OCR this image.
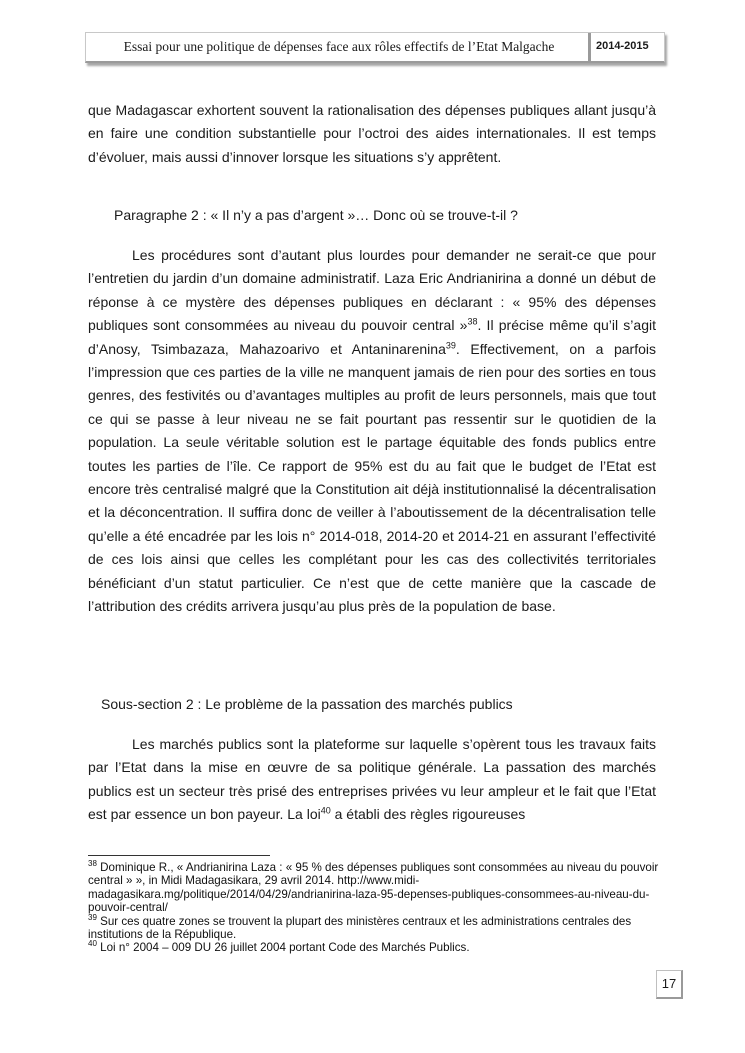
Essai pour une politique de dépenses face aux rôles effectifs de l’Etat Malgache	2014-2015

que Madagascar exhortent souvent la rationalisation des dépenses publiques allant jusqu’à en faire une condition substantielle pour l’octroi des aides internationales. Il est temps d’évoluer, mais aussi d’innover lorsque les situations s’y apprêtent.

Paragraphe 2 : « Il n’y a pas d’argent »… Donc où se trouve-t-il ?

Les procédures sont d’autant plus lourdes pour demander ne serait-ce que pour l’entretien du jardin d’un domaine administratif. Laza Eric Andrianirina a donné un début de réponse à ce mystère des dépenses publiques en déclarant : « 95% des dépenses publiques sont consommées au niveau du pouvoir central »$^{38}$. Il précise même qu’il s’agit d’Anosy, Tsimbazaza, Mahazoarivo et Antaninarenina$^{39}$. Effectivement, on a parfois l’impression que ces parties de la ville ne manquent jamais de rien pour des sorties en tous genres, des festivités ou d’avantages multiples au profit de leurs personnels, mais que tout ce qui se passe à leur niveau ne se fait pourtant pas ressentir sur le quotidien de la population. La seule véritable solution est le partage équitable des fonds publics entre toutes les parties de l’île. Ce rapport de 95% est du au fait que le budget de l’Etat est encore très centralisé malgré que la Constitution ait déjà institutionnalisé la décentralisation et la déconcentration. Il suffira donc de veiller à l’aboutissement de la décentralisation telle qu’elle a été encadrée par les lois n° 2014-018, 2014-20 et 2014-21 en assurant l’effectivité de ces lois ainsi que celles les complétant pour les cas des collectivités territoriales bénéficiant d’un statut particulier. Ce n’est que de cette manière que la cascade de l’attribution des crédits arrivera jusqu’au plus près de la population de base.

Sous-section 2 : Le problème de la passation des marchés publics

Les marchés publics sont la plateforme sur laquelle s’opèrent tous les travaux faits par l’Etat dans la mise en œuvre de sa politique générale. La passation des marchés publics est un secteur très prisé des entreprises privées vu leur ampleur et le fait que l’Etat est par essence un bon payeur. La loi$^{40}$ a établi des règles rigoureuses

$^{38}$ Dominique R., « Andrianirina Laza : « 95 % des dépenses publiques sont consommées au niveau du pouvoir central » », in Midi Madagasikara, 29 avril 2014. http://www.midi-madagasikara.mg/politique/2014/04/29/andrianirina-laza-95-depenses-publiques-consommees-au-niveau-du-pouvoir-central/
$^{39}$ Sur ces quatre zones se trouvent la plupart des ministères centraux et les administrations centrales des institutions de la République.
$^{40}$ Loi n° 2004 – 009 DU 26 juillet 2004 portant Code des Marchés Publics.
17
